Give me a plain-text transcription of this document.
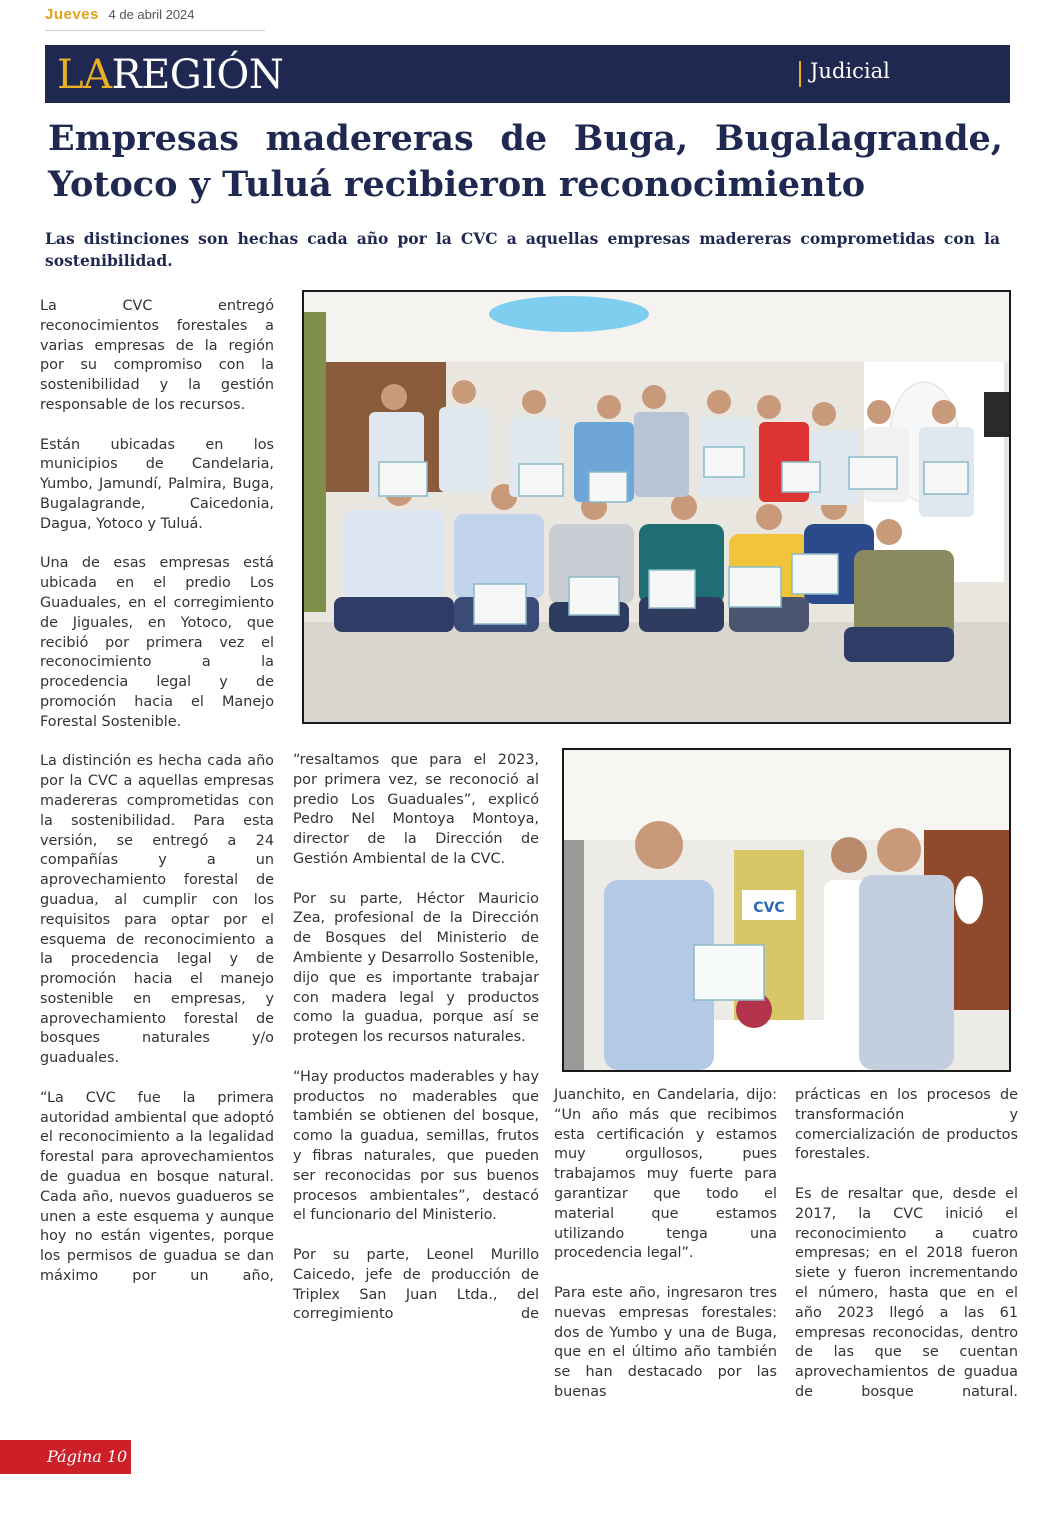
Jueves 4 de abril 2024
LAREGIÓN	Judicial
Empresas madereras de Buga, Bugalagrande, Yotoco y Tuluá recibieron reconocimiento

Las distinciones son hechas cada año por la CVC a aquellas empresas madereras comprometidas con la sostenibilidad.

La CVC entregó reconocimientos forestales a varias empresas de la región por su compromiso con la sostenibilidad y la gestión responsable de los recursos.

Están ubicadas en los municipios de Candelaria, Yumbo, Jamundí, Palmira, Buga, Bugalagrande, Caicedonia, Dagua, Yotoco y Tuluá.

Una de esas empresas está ubicada en el predio Los Guaduales, en el corregimiento de Jiguales, en Yotoco, que recibió por primera vez el reconocimiento a la procedencia legal y de promoción hacia el Manejo Forestal Sostenible.

La distinción es hecha cada año por la CVC a aquellas empresas madereras comprometidas con la sostenibilidad. Para esta versión, se entregó a 24 compañías y a un aprovechamiento forestal de guadua, al cumplir con los requisitos para optar por el esquema de reconocimiento a la procedencia legal y de promoción hacia el manejo sostenible en empresas, y aprovechamiento forestal de bosques naturales y/o guaduales.

“La CVC fue la primera autoridad ambiental que adoptó el reconocimiento a la legalidad forestal para aprovechamientos de guadua en bosque natural. Cada año, nuevos guadueros se unen a este esquema y aunque hoy no están vigentes, porque los permisos de guadua se dan máximo por un año,

“resaltamos que para el 2023, por primera vez, se reconoció al predio Los Guaduales”, explicó Pedro Nel Montoya Montoya, director de la Dirección de Gestión Ambiental de la CVC.

Por su parte, Héctor Mauricio Zea, profesional de la Dirección de Bosques del Ministerio de Ambiente y Desarrollo Sostenible, dijo que es importante trabajar con madera legal y productos como la guadua, porque así se protegen los recursos naturales.

“Hay productos maderables y hay productos no maderables que también se obtienen del bosque, como la guadua, semillas, frutos y fibras naturales, que pueden ser reconocidas por sus buenos procesos ambientales”, destacó el funcionario del Ministerio.

Por su parte, Leonel Murillo Caicedo, jefe de producción de Triplex San Juan Ltda., del corregimiento de

CVC

Juanchito, en Candelaria, dijo: “Un año más que recibimos esta certificación y estamos muy orgullosos, pues trabajamos muy fuerte para garantizar que todo el material que estamos utilizando tenga una procedencia legal”.

Para este año, ingresaron tres nuevas empresas forestales: dos de Yumbo y una de Buga, que en el último año también se han destacado por las buenas

prácticas en los procesos de transformación y comercialización de productos forestales.

Es de resaltar que, desde el 2017, la CVC inició el reconocimiento a cuatro empresas; en el 2018 fueron siete y fueron incrementando el número, hasta que en el año 2023 llegó a las 61 empresas reconocidas, dentro de las que se cuentan aprovechamientos de guadua de bosque natural.

Página 10
